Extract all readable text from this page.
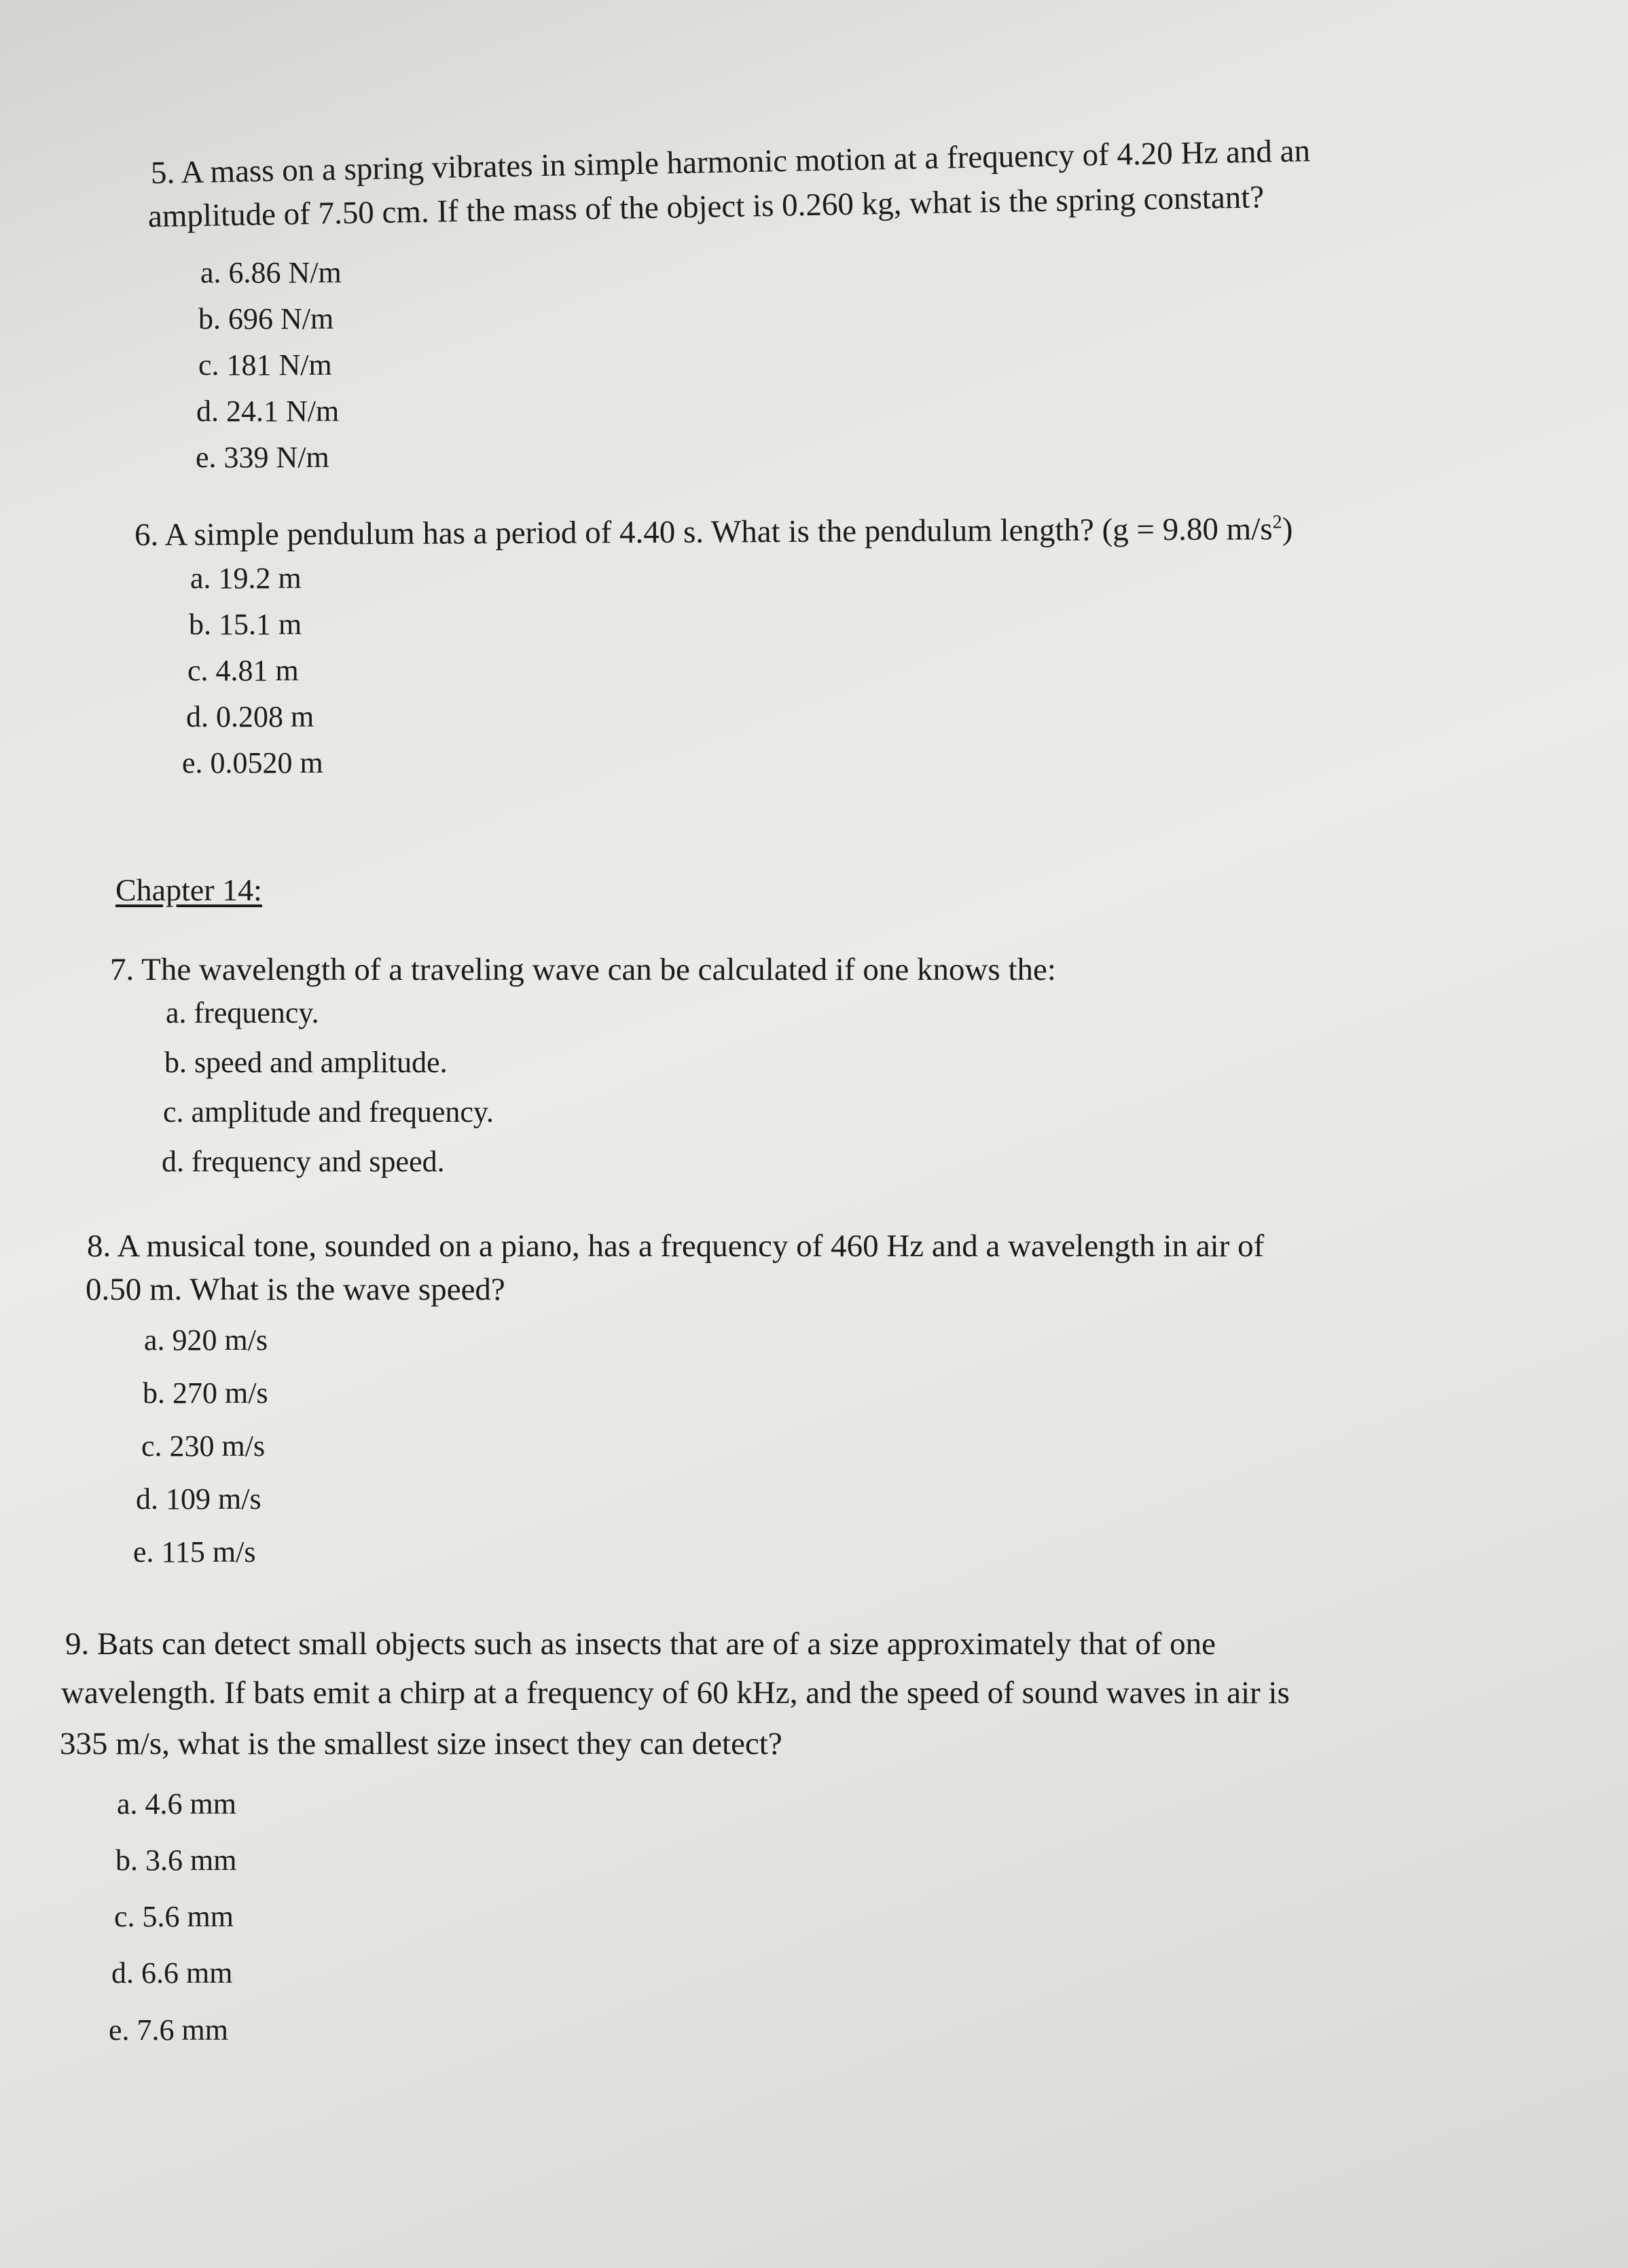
5. A mass on a spring vibrates in simple harmonic motion at a frequency of 4.20 Hz and an
amplitude of 7.50 cm. If the mass of the object is 0.260 kg, what is the spring constant?
a. 6.86 N/m
b. 696 N/m
c. 181 N/m
d. 24.1 N/m
e. 339 N/m
6. A simple pendulum has a period of 4.40 s. What is the pendulum length? (g = 9.80 $m/s^2$)
a. 19.2 m
b. 15.1 m
c. 4.81 m
d. 0.208 m
e. 0.0520 m
Chapter 14:
7. The wavelength of a traveling wave can be calculated if one knows the:
a. frequency.
b. speed and amplitude.
c. amplitude and frequency.
d. frequency and speed.
8. A musical tone, sounded on a piano, has a frequency of 460 Hz and a wavelength in air of
0.50 m. What is the wave speed?
a. 920 m/s
b. 270 m/s
c. 230 m/s
d. 109 m/s
e. 115 m/s
9. Bats can detect small objects such as insects that are of a size approximately that of one
wavelength. If bats emit a chirp at a frequency of 60 kHz, and the speed of sound waves in air is
335 m/s, what is the smallest size insect they can detect?
a. 4.6 mm
b. 3.6 mm
c. 5.6 mm
d. 6.6 mm
e. 7.6 mm
